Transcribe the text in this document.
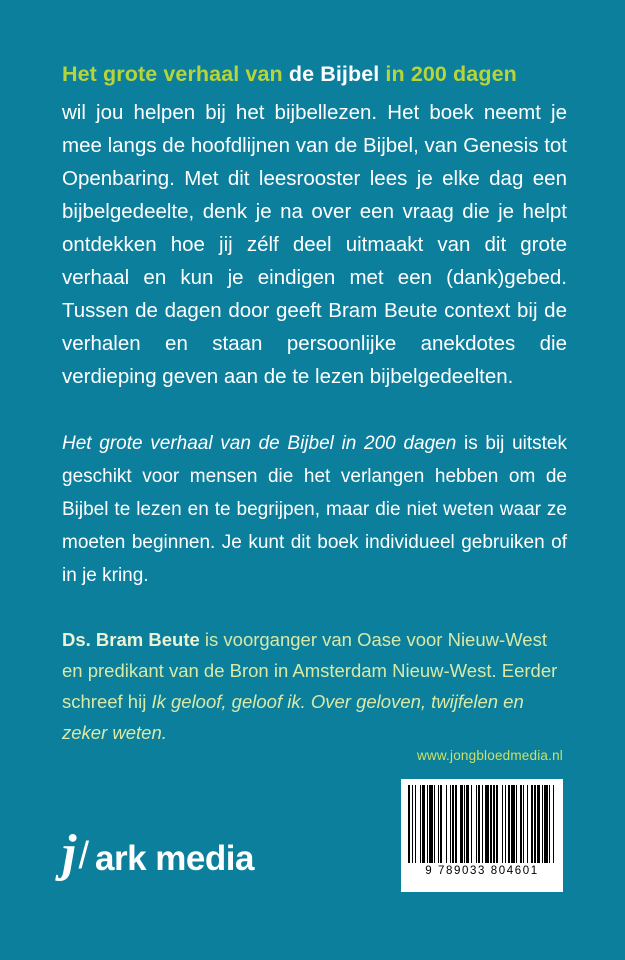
Het grote verhaal van de Bijbel in 200 dagen
wil jou helpen bij het bijbellezen. Het boek neemt je mee langs de hoofdlijnen van de Bijbel, van Genesis tot Openbaring. Met dit leesrooster lees je elke dag een bijbelgedeelte, denk je na over een vraag die je helpt ontdekken hoe jij zélf deel uitmaakt van dit grote verhaal en kun je eindigen met een (dank)gebed. Tussen de dagen door geeft Bram Beute context bij de verhalen en staan persoonlijke anekdotes die verdieping geven aan de te lezen bijbelgedeelten.

Het grote verhaal van de Bijbel in 200 dagen is bij uitstek geschikt voor mensen die het verlangen hebben om de Bijbel te lezen en te begrijpen, maar die niet weten waar ze moeten beginnen. Je kunt dit boek individueel gebruiken of in je kring.

Ds. Bram Beute is voorganger van Oase voor Nieuw-West en predikant van de Bron in Amsterdam Nieuw-West. Eerder schreef hij Ik geloof, geloof ik. Over geloven, twijfelen en zeker weten.

www.jongbloedmedia.nl
9 789033 804601
j / ark media
